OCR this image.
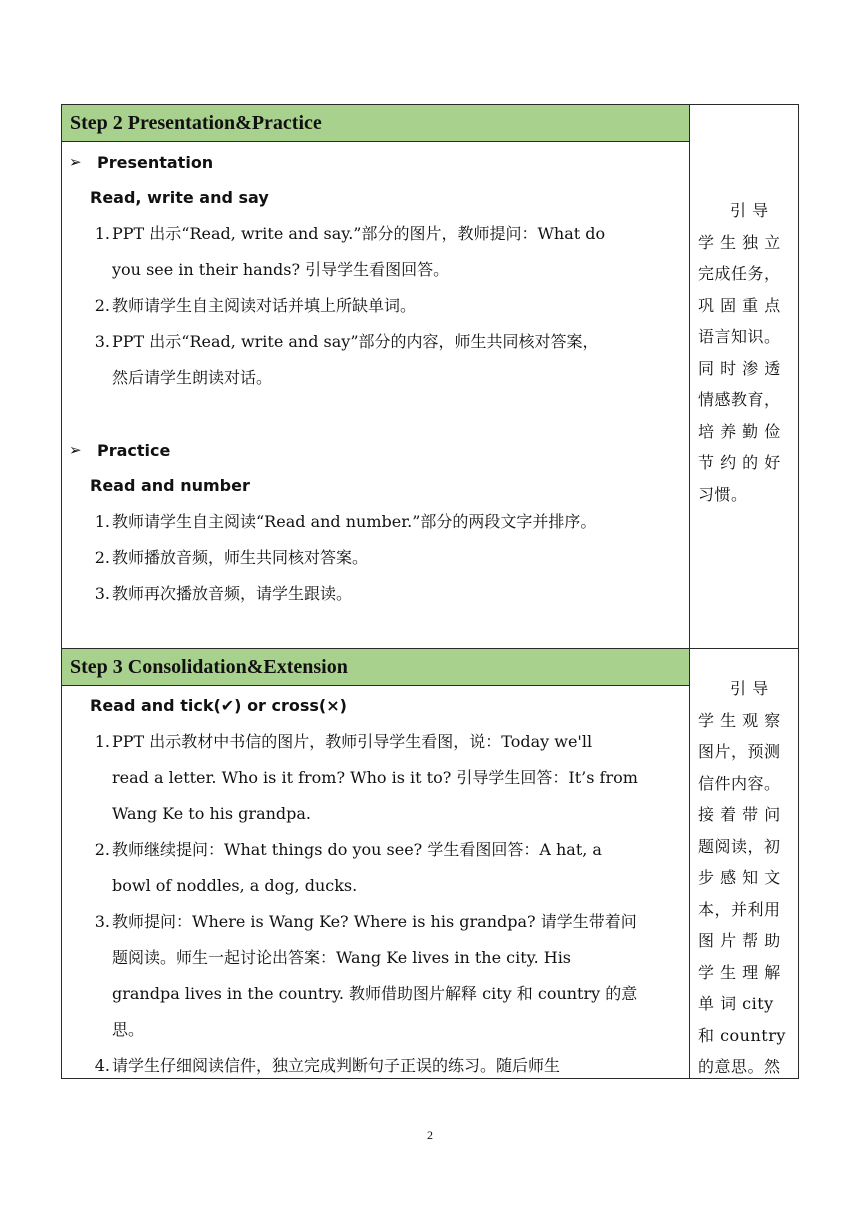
Step 2 Presentation&Practice
➢ Presentation
Read, write and say
1. PPT 出示“Read, write and say.”部分的图片，教师提问：What do
you see in their hands? 引导学生看图回答。
2. 教师请学生自主阅读对话并填上所缺单词。
3. PPT 出示“Read, write and say”部分的内容，师生共同核对答案，
然后请学生朗读对话。
➢ Practice
Read and number
1. 教师请学生自主阅读“Read and number.”部分的两段文字并排序。
2. 教师播放音频，师生共同核对答案。
3. 教师再次播放音频，请学生跟读。
引 导
学 生 独 立
完成任务，
巩 固 重 点
语言知识。
同 时 渗 透
情感教育，
培 养 勤 俭
节 约 的 好
习惯。
Step 3 Consolidation&Extension
Read and tick(✔) or cross(×)
1. PPT 出示教材中书信的图片，教师引导学生看图，说：Today we'll
read a letter. Who is it from? Who is it to? 引导学生回答：It’s from
Wang Ke to his grandpa.
2. 教师继续提问：What things do you see? 学生看图回答：A hat, a
bowl of noddles, a dog, ducks.
3. 教师提问：Where is Wang Ke? Where is his grandpa? 请学生带着问
题阅读。师生一起讨论出答案：Wang Ke lives in the city. His
grandpa lives in the country. 教师借助图片解释 city 和 country 的意
思。
4. 请学生仔细阅读信件，独立完成判断句子正误的练习。随后师生
引 导
学 生 观 察
图片，预测
信件内容。
接 着 带 问
题阅读，初
步 感 知 文
本，并利用
图 片 帮 助
学 生 理 解
单 词 city
和 country
的意思。然
2
